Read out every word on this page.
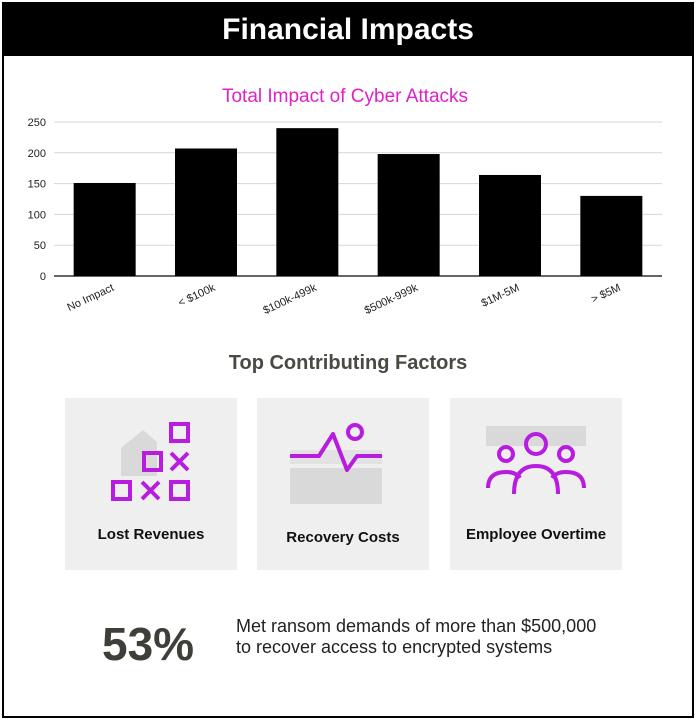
Financial Impacts
Total Impact of Cyber Attacks
0
50
100
150
200
250
No Impact	< $100k	$100k-499k	$500k-999k	$1M-5M	> $5M
Top Contributing Factors
Lost Revenues	Recovery Costs	Employee Overtime
53% Met ransom demands of more than $500,000 to recover access to encrypted systems
